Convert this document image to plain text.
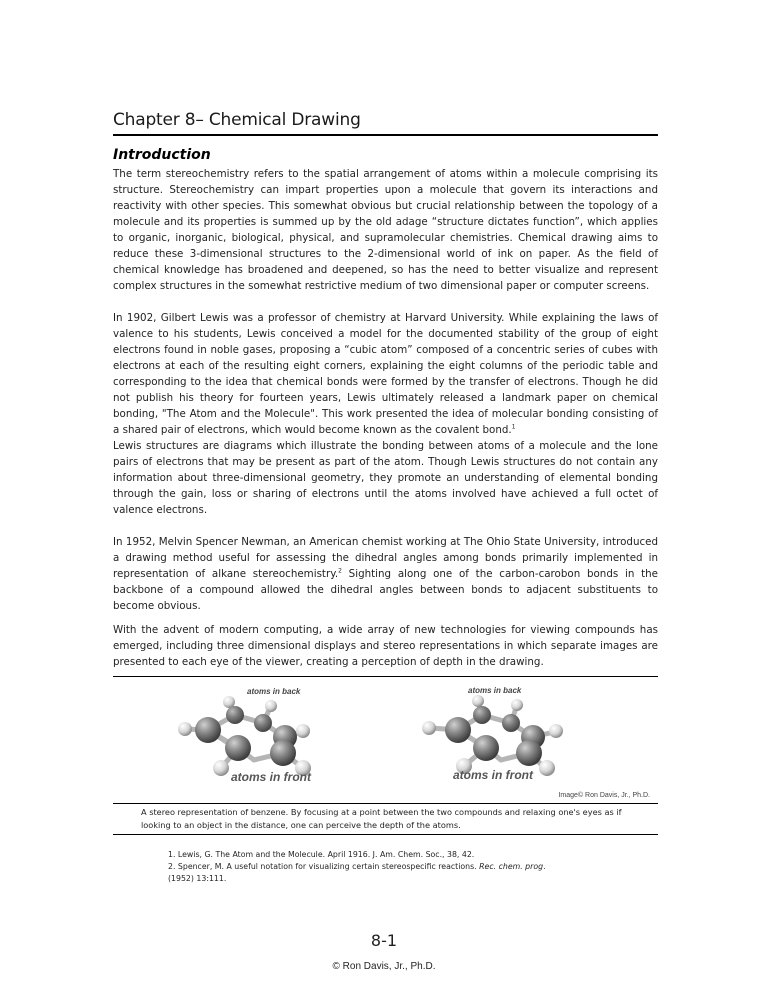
Chapter 8– Chemical Drawing
Introduction

The term stereochemistry refers to the spatial arrangement of atoms within a molecule comprising its structure. Stereochemistry can impart properties upon a molecule that govern its interactions and reactivity with other species. This somewhat obvious but crucial relationship between the topology of a molecule and its properties is summed up by the old adage “structure dictates function”, which applies to organic, inorganic, biological, physical, and supramolecular chemistries. Chemical drawing aims to reduce these 3-dimensional structures to the 2-dimensional world of ink on paper. As the field of chemical knowledge has broadened and deepened, so has the need to better visualize and represent complex structures in the somewhat restrictive medium of two dimensional paper or computer screens.

In 1902, Gilbert Lewis was a professor of chemistry at Harvard University. While explaining the laws of valence to his students, Lewis conceived a model for the documented stability of the group of eight electrons found in noble gases, proposing a “cubic atom” composed of a concentric series of cubes with electrons at each of the resulting eight corners, explaining the eight columns of the periodic table and corresponding to the idea that chemical bonds were formed by the transfer of electrons. Though he did not publish his theory for fourteen years, Lewis ultimately released a landmark paper on chemical bonding, "The Atom and the Molecule". This work presented the idea of molecular bonding consisting of a shared pair of electrons, which would become known as the covalent bond.$^1$

Lewis structures are diagrams which illustrate the bonding between atoms of a molecule and the lone pairs of electrons that may be present as part of the atom. Though Lewis structures do not contain any information about three-dimensional geometry, they promote an understanding of elemental bonding through the gain, loss or sharing of electrons until the atoms involved have achieved a full octet of valence electrons.

In 1952, Melvin Spencer Newman, an American chemist working at The Ohio State University, introduced a drawing method useful for assessing the dihedral angles among bonds primarily implemented in representation of alkane stereochemistry.$^2$ Sighting along one of the carbon-carobon bonds in the backbone of a compound allowed the dihedral angles between bonds to adjacent substituents to become obvious.

With the advent of modern computing, a wide array of new technologies for viewing compounds has emerged, including three dimensional displays and stereo representations in which separate images are presented to each eye of the viewer, creating a perception of depth in the drawing.

atoms in back	atoms in back
atoms in front	atoms in front
Image© Ron Davis, Jr., Ph.D.

A stereo representation of benzene. By focusing at a point between the two compounds and relaxing one's eyes as if looking to an object in the distance, one can perceive the depth of the atoms.

1. Lewis, G. The Atom and the Molecule. April 1916. J. Am. Chem. Soc., 38, 42.
2. Spencer, M. A useful notation for visualizing certain stereospecific reactions. Rec. chem. prog.
(1952) 13:111.
8-1
© Ron Davis, Jr., Ph.D.
